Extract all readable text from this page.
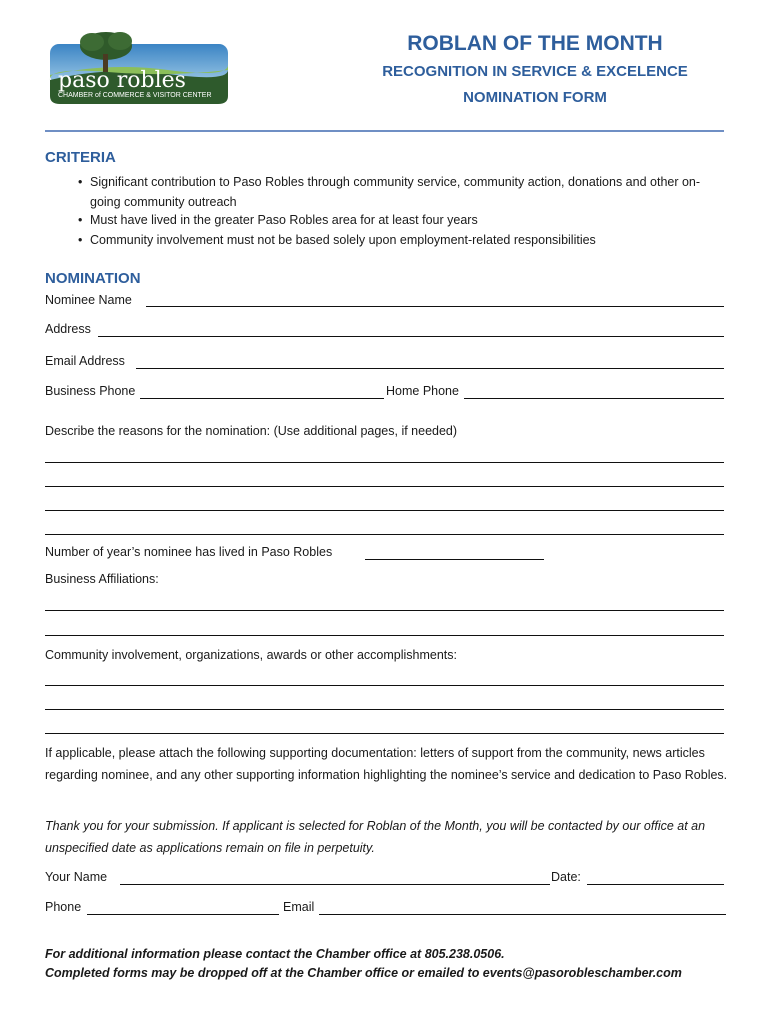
paso robles
CHAMBER of COMMERCE & VISITOR CENTER
ROBLAN OF THE MONTH
RECOGNITION IN SERVICE & EXCELENCE
NOMINATION FORM
CRITERIA
• Significant contribution to Paso Robles through community service, community action, donations and other on-going community outreach
• Must have lived in the greater Paso Robles area for at least four years
• Community involvement must not be based solely upon employment-related responsibilities
NOMINATION
Nominee Name
Address
Email Address
Business Phone	Home Phone
Describe the reasons for the nomination: (Use additional pages, if needed)
Number of year’s nominee has lived in Paso Robles
Business Affiliations:
Community involvement, organizations, awards or other accomplishments:
If applicable, please attach the following supporting documentation: letters of support from the community, news articles regarding nominee, and any other supporting information highlighting the nominee’s service and dedication to Paso Robles.
Thank you for your submission. If applicant is selected for Roblan of the Month, you will be contacted by our office at an unspecified date as applications remain on file in perpetuity.
Your Name	Date:
Phone	Email
For additional information please contact the Chamber office at 805.238.0506.
Completed forms may be dropped off at the Chamber office or emailed to events@pasorobleschamber.com
